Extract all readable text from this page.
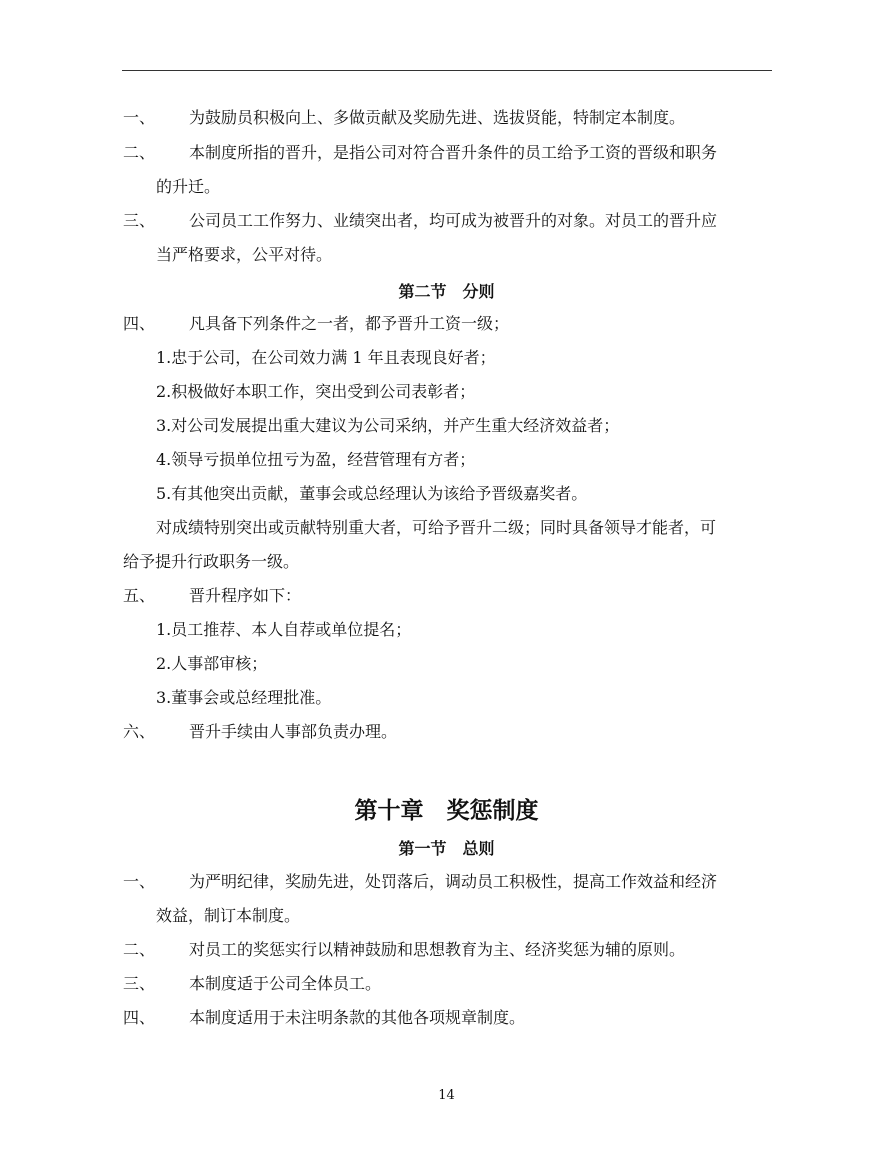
一、 为鼓励员积极向上、多做贡献及奖励先进、选拔贤能，特制定本制度。
二、 本制度所指的晋升，是指公司对符合晋升条件的员工给予工资的晋级和职务
的升迁。
三、 公司员工工作努力、业绩突出者，均可成为被晋升的对象。对员工的晋升应
当严格要求，公平对待。
第二节　分则
四、 凡具备下列条件之一者，都予晋升工资一级；
1.忠于公司，在公司效力满 1 年且表现良好者；
2.积极做好本职工作，突出受到公司表彰者；
3.对公司发展提出重大建议为公司采纳，并产生重大经济效益者；
4.领导亏损单位扭亏为盈，经营管理有方者；
5.有其他突出贡献，董事会或总经理认为该给予晋级嘉奖者。
对成绩特别突出或贡献特别重大者，可给予晋升二级；同时具备领导才能者，可
给予提升行政职务一级。
五、 晋升程序如下：
1.员工推荐、本人自荐或单位提名；
2.人事部审核；
3.董事会或总经理批准。
六、 晋升手续由人事部负责办理。
第十章　奖惩制度
第一节　总则
一、 为严明纪律，奖励先进，处罚落后，调动员工积极性，提高工作效益和经济
效益，制订本制度。
二、 对员工的奖惩实行以精神鼓励和思想教育为主、经济奖惩为辅的原则。
三、 本制度适于公司全体员工。
四、 本制度适用于未注明条款的其他各项规章制度。
14
